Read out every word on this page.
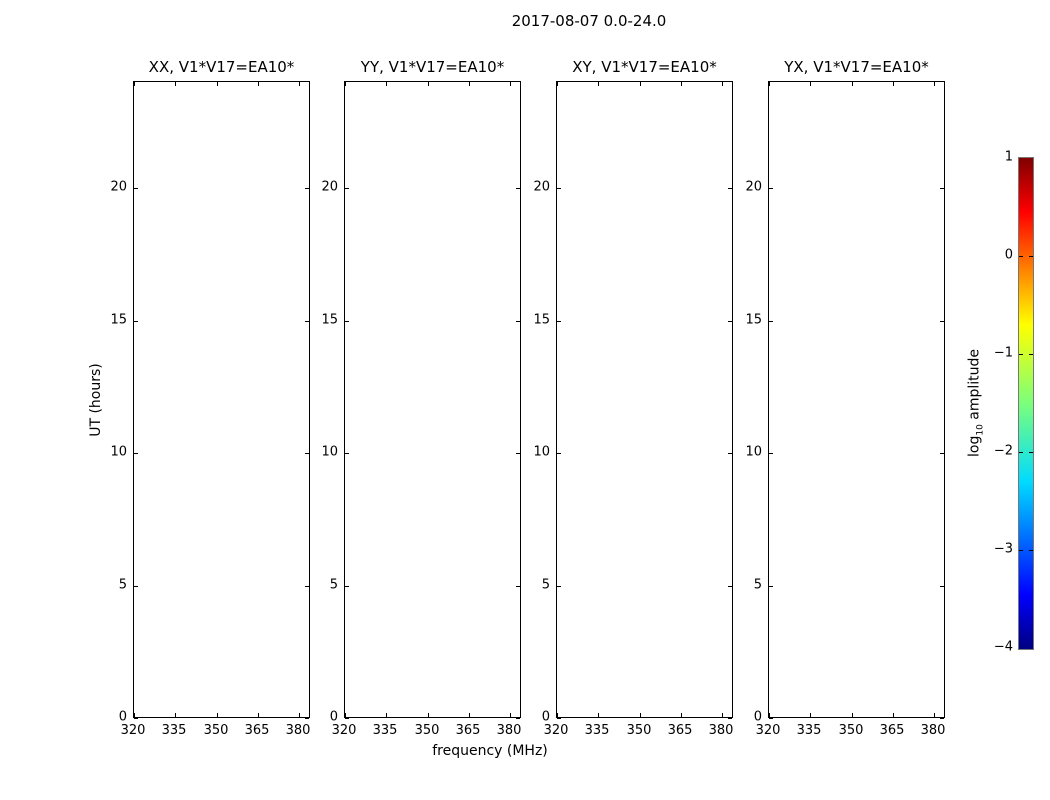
2017-08-07 0.0-24.0
XX, V1*V17=EA10*
320 335 350 365 380
0
5
10
15
20
YY, V1*V17=EA10*
320 335 350 365 380
0
5
10
15
20
XY, V1*V17=EA10*
320 335 350 365 380
0
5
10
15
20
YX, V1*V17=EA10*
320 335 350 365 380
0
5
10
15
20
frequency (MHz)
UT (hours)
$\log_{10}$ amplitude
1
0
−1
−2
−3
−4
